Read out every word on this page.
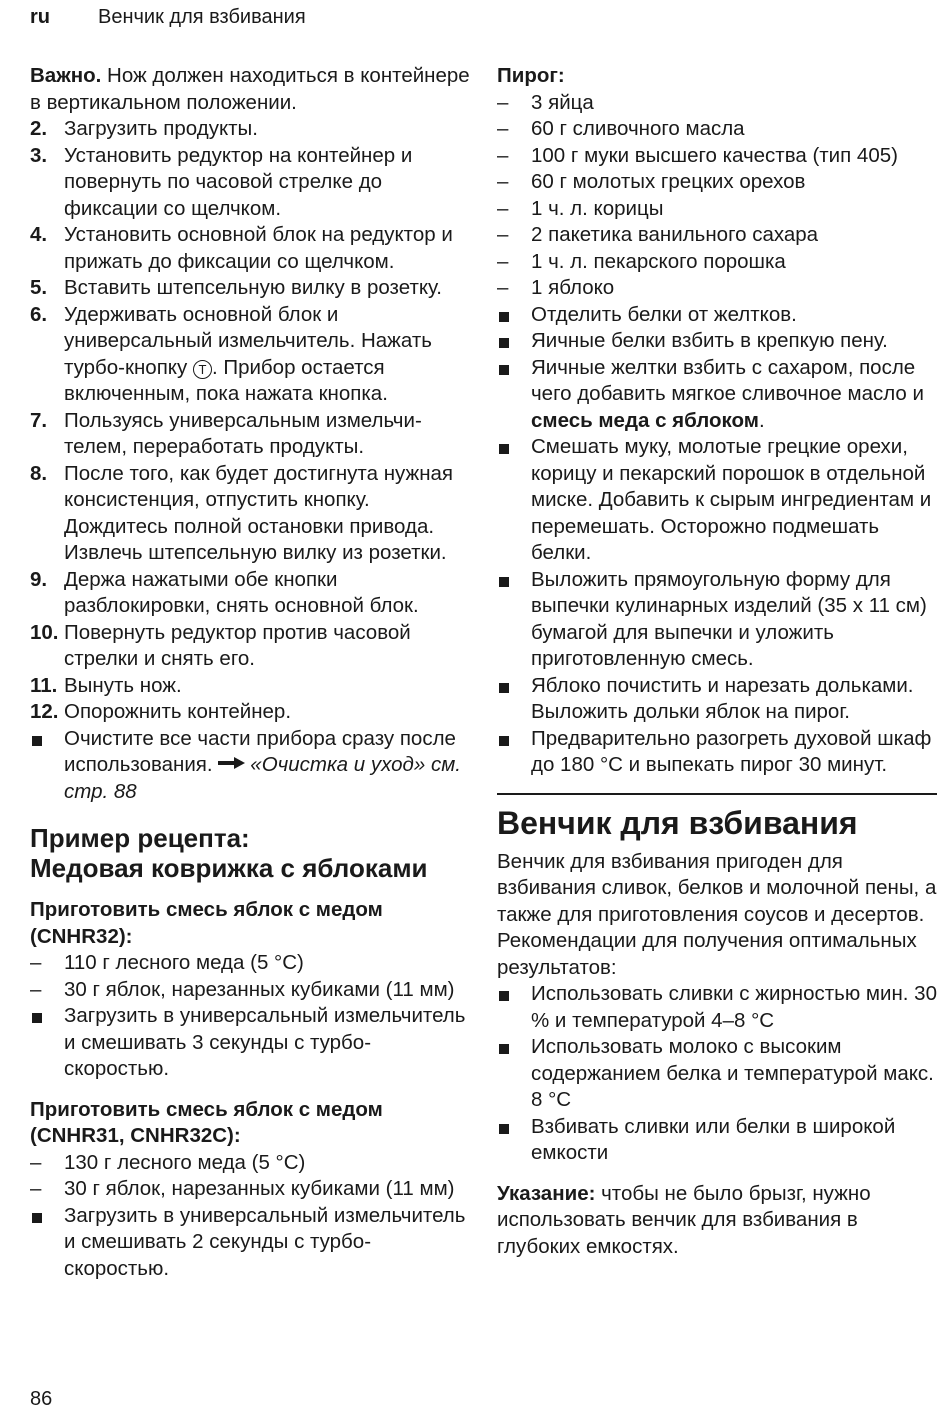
ru Венчик для взбивания

Важно. Нож должен находиться в контейнере в вертикальном положении.

2. Загрузить продукты.
3. Установить редуктор на контейнер и повернуть по часовой стрелке до фиксации со щелчком.
4. Установить основной блок на редуктор и прижать до фиксации со щелчком.
5. Вставить штепсельную вилку в розетку.
6. Удерживать основной блок и универсальный измельчитель. Нажать турбо-кнопку T . Прибор остается включенным, пока нажата кнопка.
7. Пользуясь универсальным измельчителем, переработать продукты.
8. После того, как будет достигнута нужная консистенция, отпустить кнопку. Дождитесь полной остановки привода. Извлечь штепсельную вилку из розетки.
9. Держа нажатыми обе кнопки разблокировки, снять основной блок.
10. Повернуть редуктор против часовой стрелки и снять его.
11. Вынуть нож.
12. Опорожнить контейнер.
Очистите все части прибора сразу после использования. «Очистка и уход» см. стр. 88
Пример рецепта:
Медовая коврижка с яблоками
Приготовить смесь яблок с медом (CNHR32):
– 110 г лесного меда (5 °C)
– 30 г яблок, нарезанных кубиками (11 мм)
Загрузить в универсальный измельчитель и смешивать 3 секунды с турбо-скоростью.
Приготовить смесь яблок с медом (CNHR31, CNHR32C):
– 130 г лесного меда (5 °C)
– 30 г яблок, нарезанных кубиками (11 мм)
Загрузить в универсальный измельчитель и смешивать 2 секунды с турбо-скоростью.

Пирог:

– 3 яйца
– 60 г сливочного масла
– 100 г муки высшего качества (тип 405)
– 60 г молотых грецких орехов
– 1 ч. л. корицы
– 2 пакетика ванильного сахара
– 1 ч. л. пекарского порошка
– 1 яблоко
Отделить белки от желтков.
Яичные белки взбить в крепкую пену.
Яичные желтки взбить с сахаром, после чего добавить мягкое сливочное масло и смесь меда с яблоком.
Смешать муку, молотые грецкие орехи, корицу и пекарский порошок в отдельной миске. Добавить к сырым ингредиентам и перемешать. Осторожно подмешать белки.
Выложить прямоугольную форму для выпечки кулинарных изделий (35 x 11 см) бумагой для выпечки и уложить приготовленную смесь.
Яблоко почистить и нарезать дольками. Выложить дольки яблок на пирог.
Предварительно разогреть духовой шкаф до 180 °C и выпекать пирог 30 минут.
Венчик для взбивания

Венчик для взбивания пригоден для взбивания сливок, белков и молочной пены, а также для приготовления соусов и десертов. Рекомендации для получения оптимальных результатов:

Использовать сливки с жирностью мин. 30 % и температурой 4–8 °C
Использовать молоко с высоким содержанием белка и температурой макс. 8 °C
Взбивать сливки или белки в широкой емкости

Указание: чтобы не было брызг, нужно использовать венчик для взбивания в глубоких емкостях.

86
